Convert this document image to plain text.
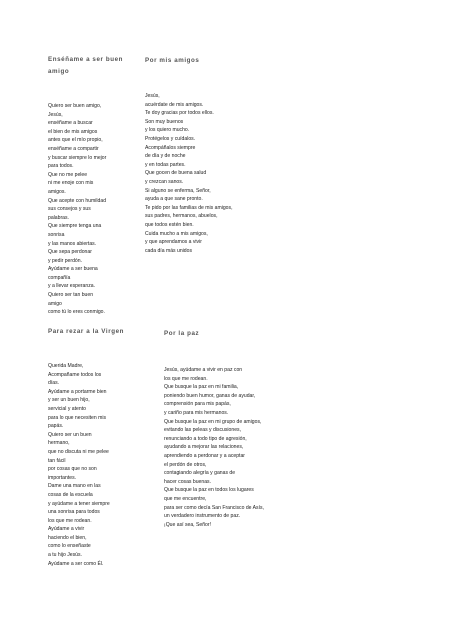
Enséñame a ser buen amigo
Quiero ser buen amigo,
Jesús,
enséñame a buscar
el bien de mis amigos
antes que el mío propio,
enséñame a compartir
y buscar siempre lo mejor
para todos.
Que no me pelee
ni me enoje con mis
amigos.
Que acepte con humildad
sus consejos y sus
palabras.
Que siempre tenga una
sonrisa
y las manos abiertas.
Que sepa perdonar
y pedir perdón.
Ayúdame a ser buena
compañía
y a llevar esperanza.
Quiero ser tan buen
amigo
como tú lo eres conmigo.
Por mis amigos
Jesús,
acuérdate de mis amigos.
Te doy gracias por todos ellos.
Son muy buenos
y los quiero mucho.
Protégelos y cuídalos.
Acompáñalos siempre
de día y de noche
y en todas partes.
Que gocen de buena salud
y crezcan sanos.
Si alguno se enferma, Señor,
ayuda a que sane pronto.
Te pido por las familias de mis amigos,
sus padres, hermanos, abuelos,
que todos estén bien.
Cuida mucho a mis amigos,
y que aprendamos a vivir
cada día más unidos
Para rezar a la Virgen
Querida Madre,
Acompañame todos los
días.
Ayúdame a portarme bien
y ser un buen hijo,
servicial y atento
para lo que necesiten mis
papás.
Quiero ser un buen
hermano,
que no discuta ni me pelee
tan fácil
por cosas que no son
importantes.
Dame una mano en las
cosas de la escuela
y ayúdame a tener siempre
una sonrisa para todos
los que me rodean.
Ayúdame a vivir
haciendo el bien,
como lo enseñaste
a tu hijo Jesús.
Ayúdame a ser como Él.
Por la paz
Jesús, ayúdame a vivir en paz con
los que me rodean.
Que busque la paz en mi familia,
poniendo buen humor, ganas de ayudar,
comprensión para mis papás,
y cariño para mis hermanos.
Que busque la paz en mi grupo de amigos,
evitando las peleas y discusiones,
renunciando a todo tipo de agresión,
ayudando a mejorar las relaciones,
aprendiendo a perdonar y a aceptar
el perdón de otros,
contagiando alegría y ganas de
hacer cosas buenas.
Que busque la paz en todos los lugares
que me encuentre,
para ser como decía San Francisco de Asís,
un verdadero instrumento de paz.
¡Que así sea, Señor!
